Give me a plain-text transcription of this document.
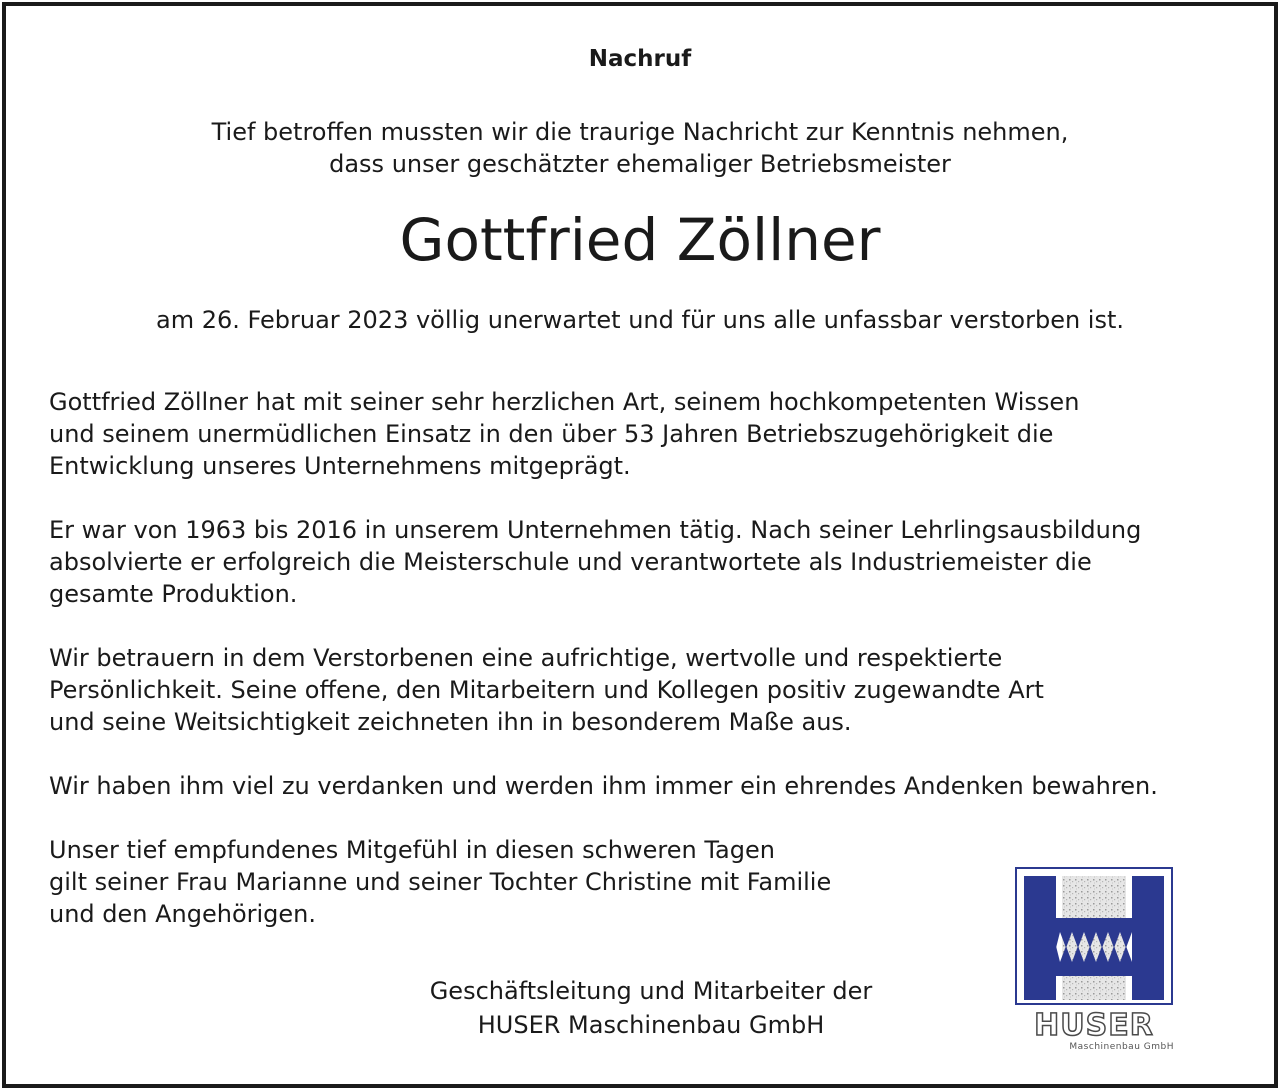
Nachruf
Tief betroffen mussten wir die traurige Nachricht zur Kenntnis nehmen,
dass unser geschätzter ehemaliger Betriebsmeister
Gottfried Zöllner
am 26. Februar 2023 völlig unerwartet und für uns alle unfassbar verstorben ist.
Gottfried Zöllner hat mit seiner sehr herzlichen Art, seinem hochkompetenten Wissen
und seinem unermüdlichen Einsatz in den über 53 Jahren Betriebszugehörigkeit die
Entwicklung unseres Unternehmens mitgeprägt.
Er war von 1963 bis 2016 in unserem Unternehmen tätig. Nach seiner Lehrlingsausbildung
absolvierte er erfolgreich die Meisterschule und verantwortete als Industriemeister die
gesamte Produktion.
Wir betrauern in dem Verstorbenen eine aufrichtige, wertvolle und respektierte
Persönlichkeit. Seine offene, den Mitarbeitern und Kollegen positiv zugewandte Art
und seine Weitsichtigkeit zeichneten ihn in besonderem Maße aus.
Wir haben ihm viel zu verdanken und werden ihm immer ein ehrendes Andenken bewahren.
Unser tief empfundenes Mitgefühl in diesen schweren Tagen
gilt seiner Frau Marianne und seiner Tochter Christine mit Familie
und den Angehörigen.
Geschäftsleitung und Mitarbeiter der
HUSER Maschinenbau GmbH	HUSER
Maschinenbau GmbH
